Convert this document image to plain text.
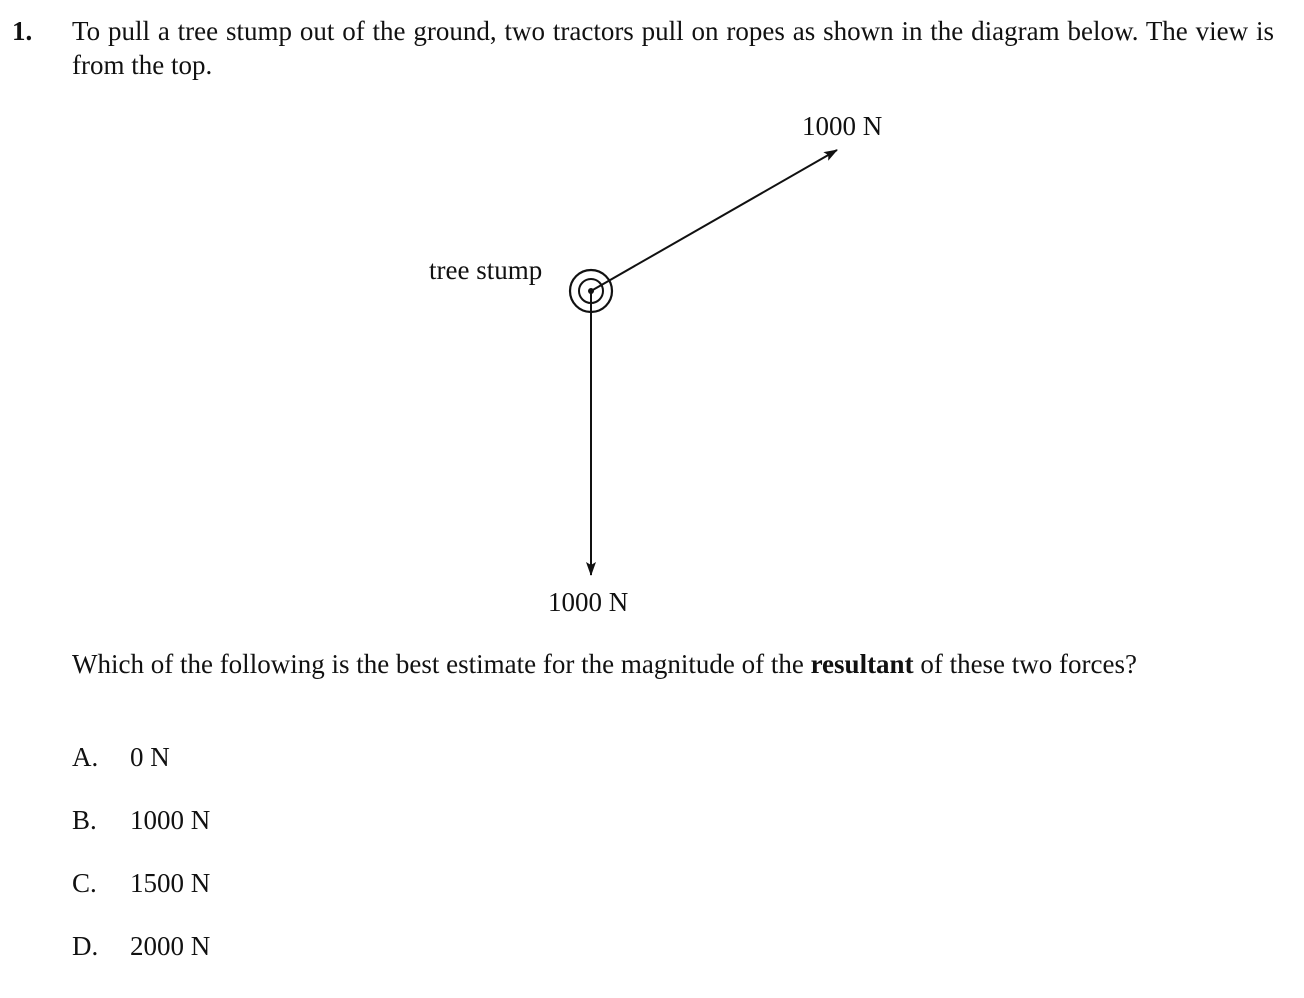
1. To pull a tree stump out of the ground, two tractors pull on ropes as shown in the diagram below. The view is from the top.

tree stump
1000 N
1000 N

Which of the following is the best estimate for the magnitude of the resultant of these two forces?

A.	0 N
B.	1000 N
C.	1500 N
D.	2000 N
